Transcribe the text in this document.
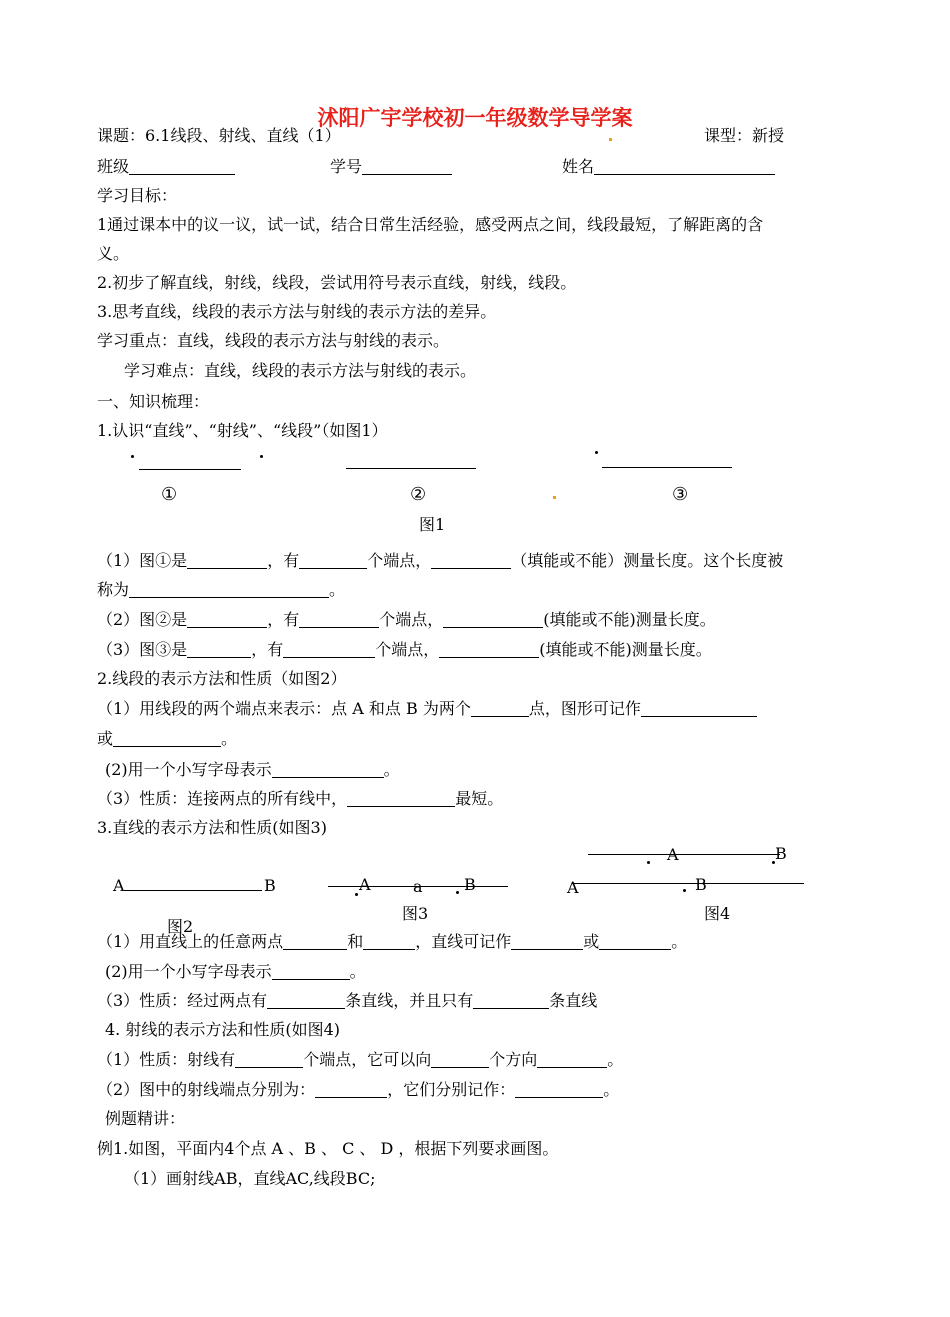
沭阳广宇学校初一年级数学导学案
课题：6.1线段、射线、直线（1）	课型：新授
班级	学号	姓名
学习目标：
1通过课本中的议一议，试一试，结合日常生活经验，感受两点之间，线段最短，了解距离的含
义。
2.初步了解直线，射线，线段，尝试用符号表示直线，射线，线段。
3.思考直线，线段的表示方法与射线的表示方法的差异。
学习重点：直线，线段的表示方法与射线的表示。
学习难点：直线，线段的表示方法与射线的表示。
一、知识梳理：
1.认识“直线”、“射线”、“线段”（如图1）
①	②	③
图1
（1）图①是	，有	个端点，	（填能或不能）测量长度。这个长度被
称为	。
（2）图②是	，有	个端点，	(填能或不能)测量长度。
（3）图③是	，有	个端点，	(填能或不能)测量长度。
2.线段的表示方法和性质（如图2）
（1）用线段的两个端点来表示：点 A 和点 B 为两个	点，图形可记作
或	。
(2)用一个小写字母表示	。
（3）性质：连接两点的所有线中，	最短。
3.直线的表示方法和性质(如图3)
A	B
图2
A	a	B
图3
A	B
A	B
图4
（1）用直线上的任意两点	和	，直线可记作	或	。
(2)用一个小写字母表示	。
（3）性质：经过两点有	条直线，并且只有	条直线
4. 射线的表示方法和性质(如图4)
（1）性质：射线有	个端点，它可以向	个方向	。
（2）图中的射线端点分别为：	，它们分别记作：	。
例题精讲：
例1.如图，平面内4个点 A 、B 、 C 、 D ，根据下列要求画图。
（1）画射线AB，直线AC,线段BC;
